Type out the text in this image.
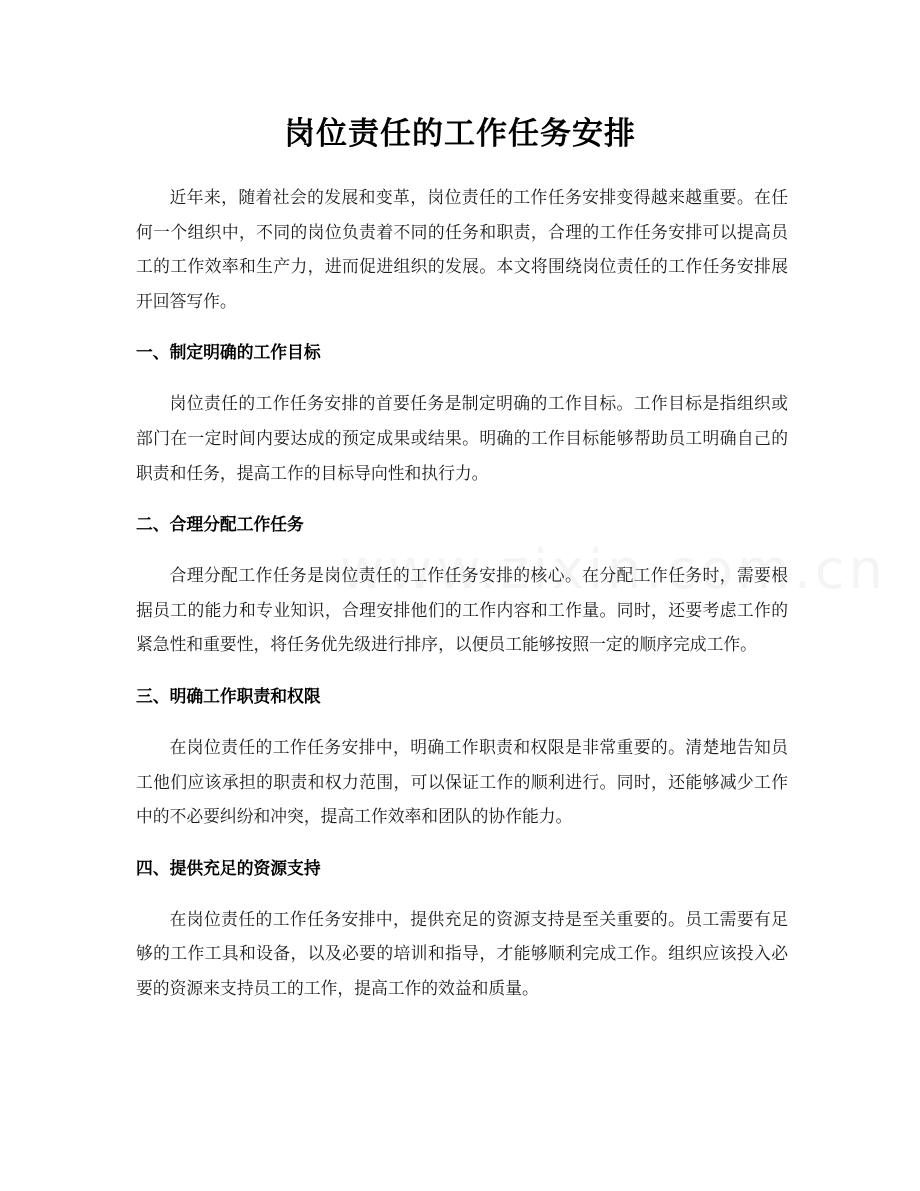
岗位责任的工作任务安排

近年来，随着社会的发展和变革，岗位责任的工作任务安排变得越来越重要。在任何一个组织中，不同的岗位负责着不同的任务和职责，合理的工作任务安排可以提高员工的工作效率和生产力，进而促进组织的发展。本文将围绕岗位责任的工作任务安排展开回答写作。

一、制定明确的工作目标

岗位责任的工作任务安排的首要任务是制定明确的工作目标。工作目标是指组织或部门在一定时间内要达成的预定成果或结果。明确的工作目标能够帮助员工明确自己的职责和任务，提高工作的目标导向性和执行力。

二、合理分配工作任务

合理分配工作任务是岗位责任的工作任务安排的核心。在分配工作任务时，需要根据员工的能力和专业知识，合理安排他们的工作内容和工作量。同时，还要考虑工作的紧急性和重要性，将任务优先级进行排序，以便员工能够按照一定的顺序完成工作。

三、明确工作职责和权限

在岗位责任的工作任务安排中，明确工作职责和权限是非常重要的。清楚地告知员工他们应该承担的职责和权力范围，可以保证工作的顺利进行。同时，还能够减少工作中的不必要纠纷和冲突，提高工作效率和团队的协作能力。

四、提供充足的资源支持

在岗位责任的工作任务安排中，提供充足的资源支持是至关重要的。员工需要有足够的工作工具和设备，以及必要的培训和指导，才能够顺利完成工作。组织应该投入必要的资源来支持员工的工作，提高工作的效益和质量。
